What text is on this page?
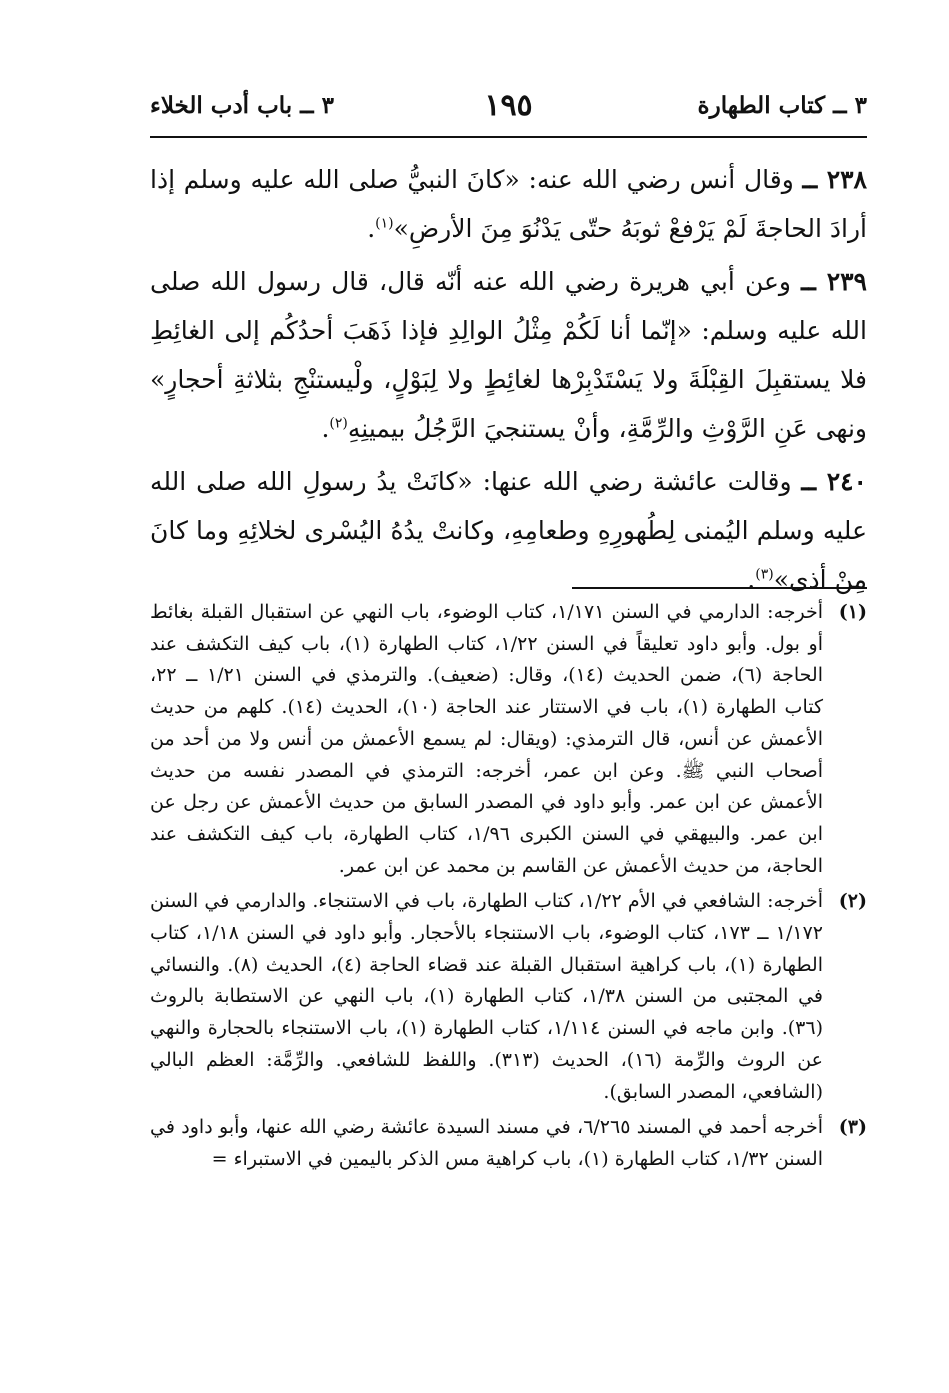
٣ ــ كتاب الطهارة
١٩٥
٣ ــ باب أدب الخلاء

٢٣٨ ــ وقال أنس رضي الله عنه: «كانَ النبيُّ صلى الله عليه وسلم إذا أرادَ الحاجةَ لَمْ يَرْفعْ ثوبَهُ حتّى يَدْنُوَ مِنَ الأرضِ»$^{(١)}$.

٢٣٩ ــ وعن أبي هريرة رضي الله عنه أنّه قال، قال رسول الله صلى الله عليه وسلم: «إنّما أنا لَكُمْ مِثْلُ الوالِدِ فإذا ذَهَبَ أحدُكُم إلى الغائِطِ فلا يستقبِلَ القِبْلَةَ ولا يَسْتَدْبِرْها لغائِطٍ ولا لِبَوْلٍ، ولْيستنْجِ بثلاثةِ أحجارٍ» ونهى عَنِ الرَّوْثِ والرِّمَّةِ، وأنْ يستنجيَ الرَّجُلُ بيمينِهِ$^{(٢)}$.

٢٤٠ ــ وقالت عائشة رضي الله عنها: «كانَتْ يدُ رسولِ الله صلى الله عليه وسلم اليُمنى لِطُهورِهِ وطعامِهِ، وكانتْ يدُهُ اليُسْرى لخلائِهِ وما كانَ مِنْ أذى»$^{(٣)}$.

(١)
أخرجه: الدارمي في السنن ١/١٧١، كتاب الوضوء، باب النهي عن استقبال القبلة بغائط أو بول. وأبو داود تعليقاً في السنن ١/٢٢، كتاب الطهارة (١)، باب كيف التكشف عند الحاجة (٦)، ضمن الحديث (١٤)، وقال: (ضعيف). والترمذي في السنن ١/٢١ ــ ٢٢، كتاب الطهارة (١)، باب في الاستتار عند الحاجة (١٠)، الحديث (١٤). كلهم من حديث الأعمش عن أنس، قال الترمذي: (ويقال: لم يسمع الأعمش من أنس ولا من أحد من أصحاب النبي ﷺ. وعن ابن عمر، أخرجه: الترمذي في المصدر نفسه من حديث الأعمش عن ابن عمر. وأبو داود في المصدر السابق من حديث الأعمش عن رجل عن ابن عمر. والبيهقي في السنن الكبرى ١/٩٦، كتاب الطهارة، باب كيف التكشف عند الحاجة، من حديث الأعمش عن القاسم بن محمد عن ابن عمر.
(٢)
أخرجه: الشافعي في الأم ١/٢٢، كتاب الطهارة، باب في الاستنجاء. والدارمي في السنن ١/١٧٢ ــ ١٧٣، كتاب الوضوء، باب الاستنجاء بالأحجار. وأبو داود في السنن ١/١٨، كتاب الطهارة (١)، باب كراهية استقبال القبلة عند قضاء الحاجة (٤)، الحديث (٨). والنسائي في المجتبى من السنن ١/٣٨، كتاب الطهارة (١)، باب النهي عن الاستطابة بالروث (٣٦). وابن ماجه في السنن ١/١١٤، كتاب الطهارة (١)، باب الاستنجاء بالحجارة والنهي عن الروث والرِّمة (١٦)، الحديث (٣١٣). واللفظ للشافعي. والرِّمَّة: العظم البالي (الشافعي، المصدر السابق).
(٣)
أخرجه أحمد في المسند ٦/٢٦٥، في مسند السيدة عائشة رضي الله عنها، وأبو داود في السنن ١/٣٢، كتاب الطهارة (١)، باب كراهية مس الذكر باليمين في الاستبراء =
